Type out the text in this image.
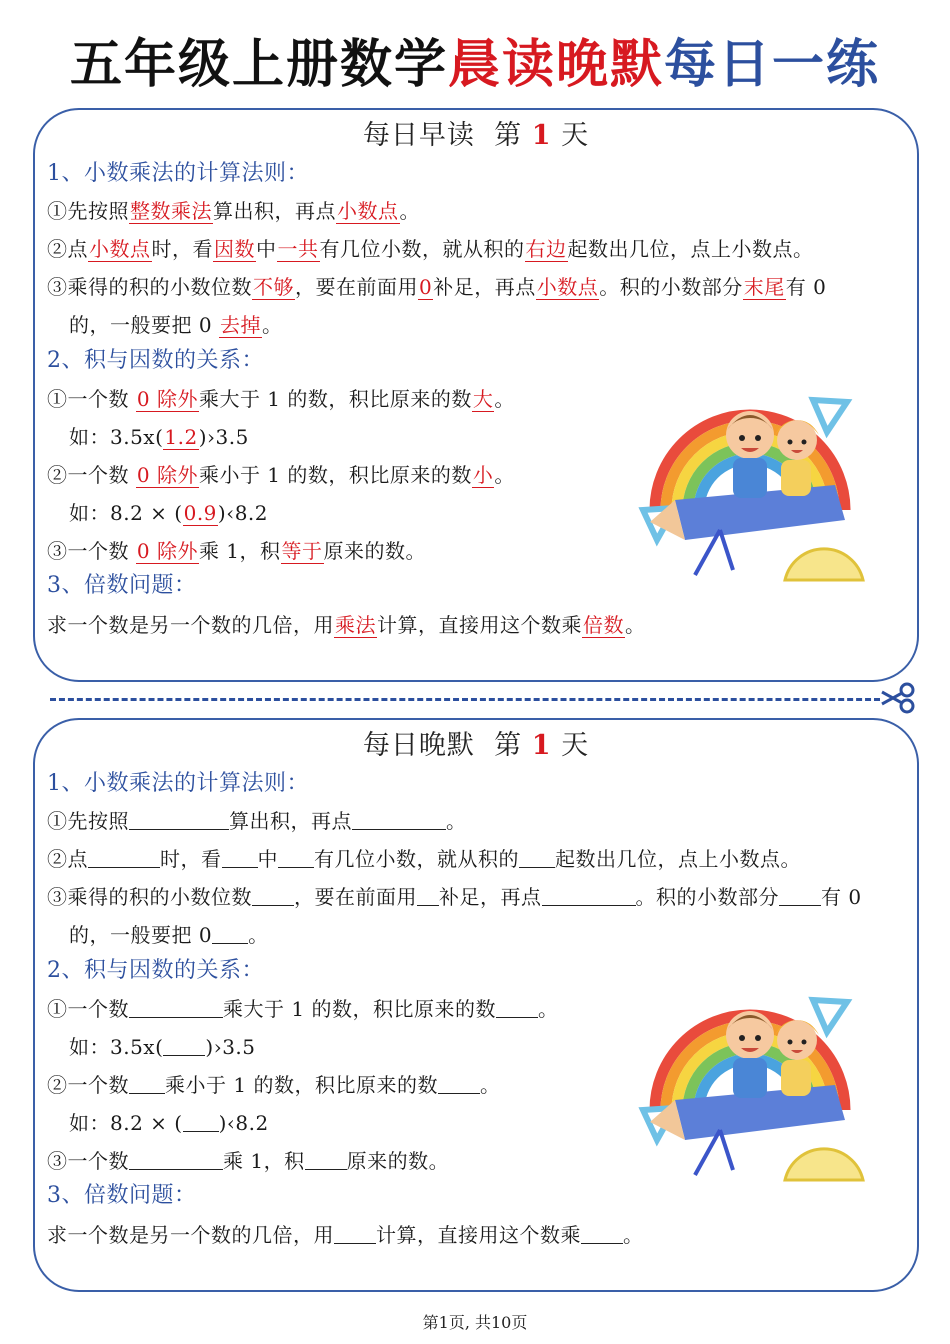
五年级上册数学晨读晚默每日一练
每日早读 第 1 天
1、小数乘法的计算法则：
①先按照整数乘法算出积，再点小数点。
②点小数点时，看因数中一共有几位小数，就从积的右边起数出几位，点上小数点。
③乘得的积的小数位数不够，要在前面用0补足，再点小数点。积的小数部分末尾有 0
的，一般要把 0 去掉。
2、积与因数的关系：
①一个数 0 除外乘大于 1 的数，积比原来的数大。
如：3.5x(1.2)›3.5
②一个数 0 除外乘小于 1 的数，积比原来的数小。
如：8.2 × (0.9)‹8.2
③一个数 0 除外乘 1，积等于原来的数。
3、倍数问题：
求一个数是另一个数的几倍，用乘法计算，直接用这个数乘倍数。
每日晚默 第 1 天
1、小数乘法的计算法则：
①先按照	算出积，再点	。
②点	时，看 中 有几位小数，就从积的 起数出几位，点上小数点。
③乘得的积的小数位数 ，要在前面用 补足，再点	。积的小数部分 有 0
的，一般要把 0 。
2、积与因数的关系：
①一个数	乘大于 1 的数，积比原来的数 。
如：3.5x( )›3.5
②一个数 乘小于 1 的数，积比原来的数 。
如：8.2 × ( )‹8.2
③一个数	乘 1，积 原来的数。
3、倍数问题：
求一个数是另一个数的几倍，用 计算，直接用这个数乘 。
第1页, 共10页
